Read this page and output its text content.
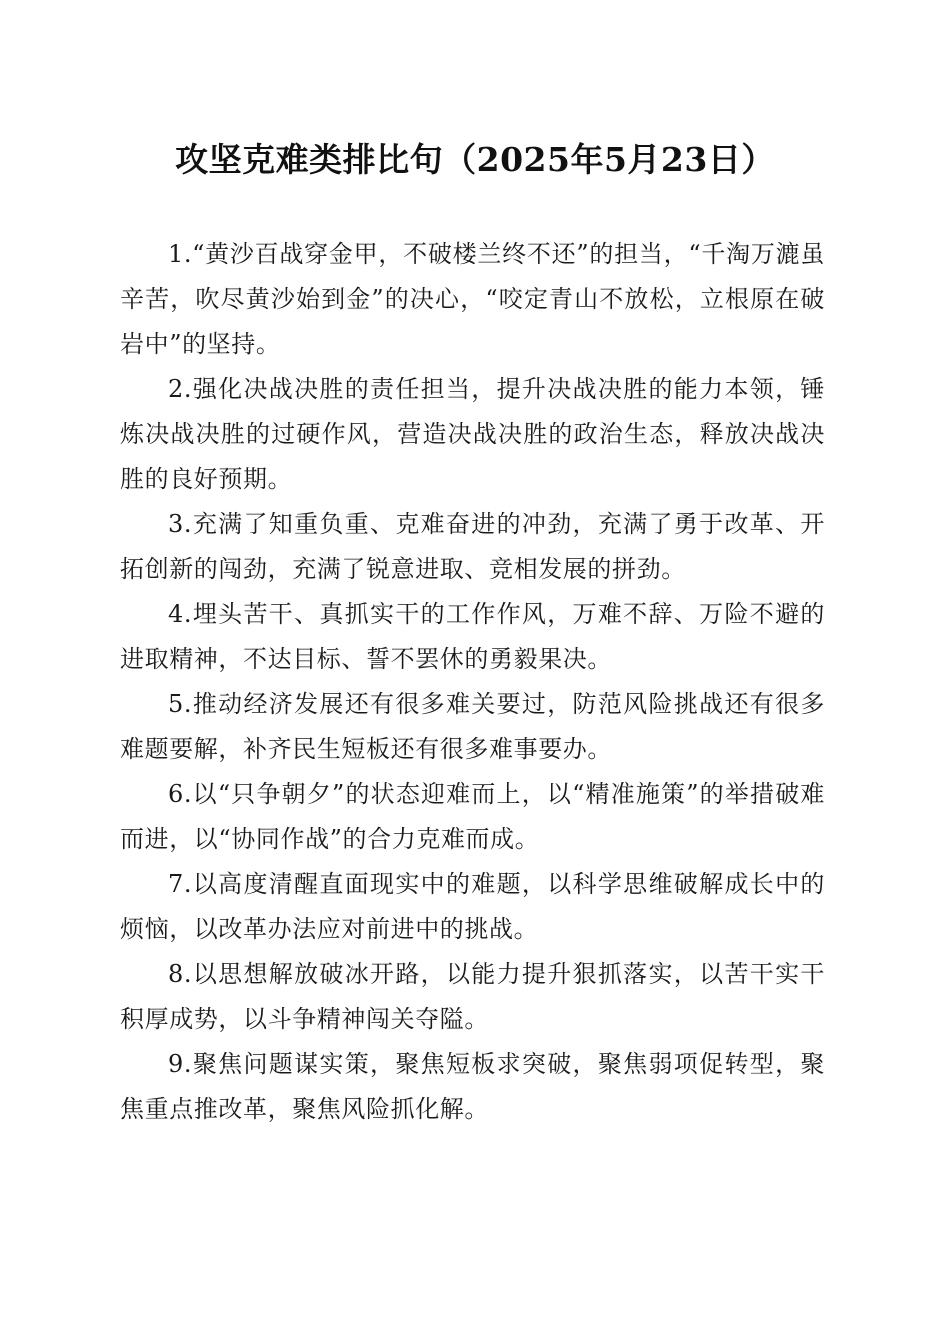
攻坚克难类排比句（2025年5月23日）

1.“黄沙百战穿金甲，不破楼兰终不还”的担当，“千淘万漉虽辛苦，吹尽黄沙始到金”的决心，“咬定青山不放松，立根原在破岩中”的坚持。

2.强化决战决胜的责任担当，提升决战决胜的能力本领，锤炼决战决胜的过硬作风，营造决战决胜的政治生态，释放决战决胜的良好预期。

3.充满了知重负重、克难奋进的冲劲，充满了勇于改革、开拓创新的闯劲，充满了锐意进取、竞相发展的拼劲。

4.埋头苦干、真抓实干的工作作风，万难不辞、万险不避的进取精神，不达目标、誓不罢休的勇毅果决。

5.推动经济发展还有很多难关要过，防范风险挑战还有很多难题要解，补齐民生短板还有很多难事要办。

6.以“只争朝夕”的状态迎难而上，以“精准施策”的举措破难而进，以“协同作战”的合力克难而成。

7.以高度清醒直面现实中的难题，以科学思维破解成长中的烦恼，以改革办法应对前进中的挑战。

8.以思想解放破冰开路，以能力提升狠抓落实，以苦干实干积厚成势，以斗争精神闯关夺隘。

9.聚焦问题谋实策，聚焦短板求突破，聚焦弱项促转型，聚焦重点推改革，聚焦风险抓化解。
